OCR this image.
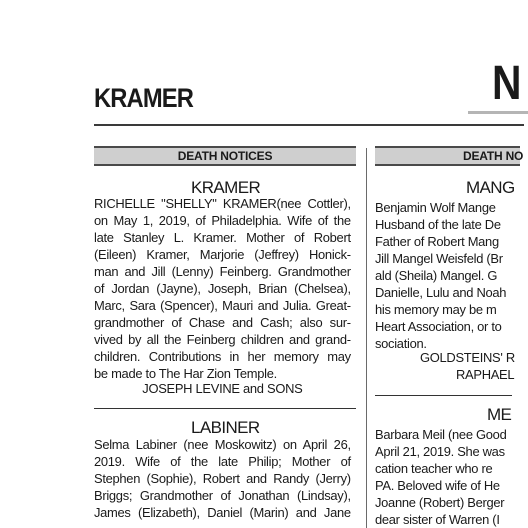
KRAMER	N
DEATH NOTICES
KRAMER
RICHELLE "SHELLY" KRAMER(nee Cottler),
on May 1, 2019, of Philadelphia. Wife of the
late Stanley L. Kramer. Mother of Robert
(Eileen) Kramer, Marjorie (Jeffrey) Honick-
man and Jill (Lenny) Feinberg. Grandmother
of Jordan (Jayne), Joseph, Brian (Chelsea),
Marc, Sara (Spencer), Mauri and Julia. Great-
grandmother of Chase and Cash; also sur-
vived by all the Feinberg children and grand-
children. Contributions in her memory may
be made to The Har Zion Temple.
JOSEPH LEVINE and SONS
LABINER
Selma Labiner (nee Moskowitz) on April 26,
2019. Wife of the late Philip; Mother of
Stephen (Sophie), Robert and Randy (Jerry)
Briggs; Grandmother of Jonathan (Lindsay),
James (Elizabeth), Daniel (Marin) and Jane
DEATH NO
MANG
Benjamin Wolf Mange
Husband of the late De
Father of Robert Mang
Jill Mangel Weisfeld (Br
ald (Sheila) Mangel. G
Danielle, Lulu and Noah
his memory may be m
Heart Association, or to
sociation.
GOLDSTEINS' R
RAPHAEL
ME
Barbara Meil (nee Good
April 21, 2019. She was
cation teacher who re
PA. Beloved wife of He
Joanne (Robert) Berger
dear sister of Warren (I
